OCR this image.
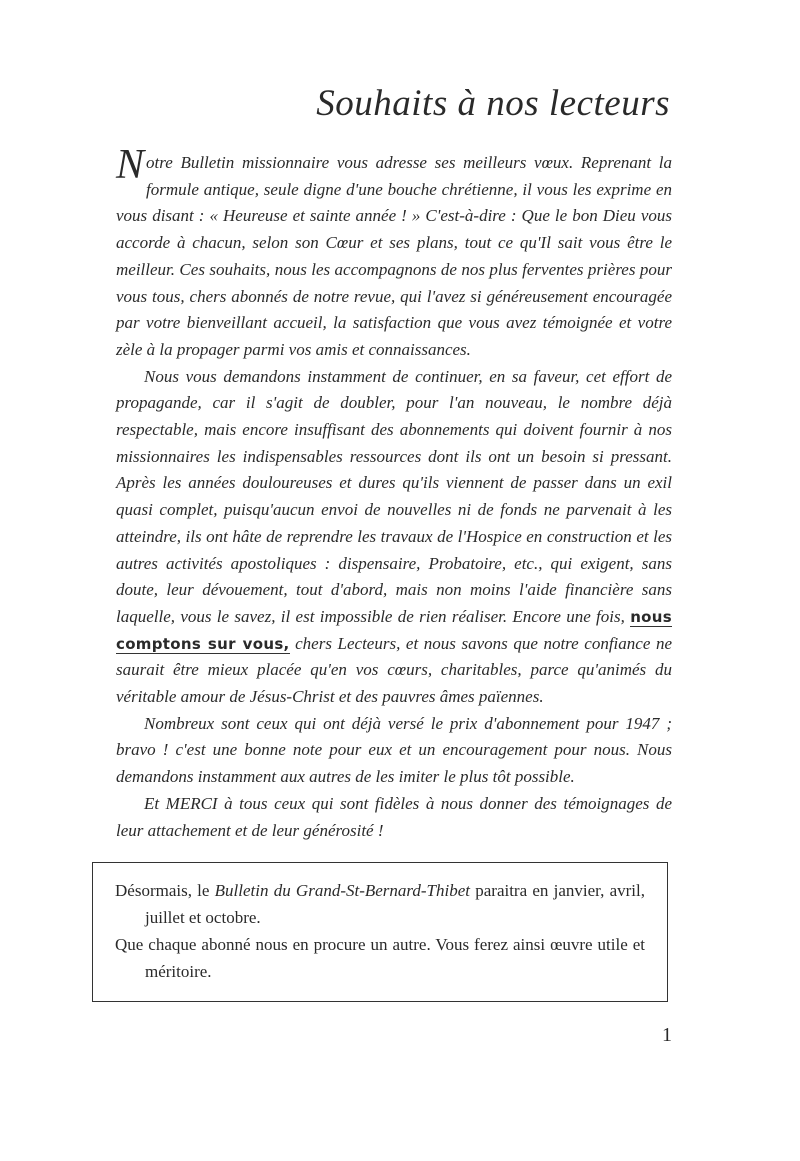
Souhaits à nos lecteurs

Notre Bulletin missionnaire vous adresse ses meilleurs vœux. Reprenant la formule antique, seule digne d'une bouche chrétienne, il vous les exprime en vous disant : « Heureuse et sainte année ! » C'est-à-dire : Que le bon Dieu vous accorde à chacun, selon son Cœur et ses plans, tout ce qu'Il sait vous être le meilleur. Ces souhaits, nous les accompagnons de nos plus ferventes prières pour vous tous, chers abonnés de notre revue, qui l'avez si généreusement encouragée par votre bienveillant accueil, la satisfaction que vous avez témoignée et votre zèle à la propager parmi vos amis et connaissances.

Nous vous demandons instamment de continuer, en sa faveur, cet effort de propagande, car il s'agit de doubler, pour l'an nouveau, le nombre déjà respectable, mais encore insuffisant des abonnements qui doivent fournir à nos missionnaires les indispensables ressources dont ils ont un besoin si pressant. Après les années douloureuses et dures qu'ils viennent de passer dans un exil quasi complet, puisqu'aucun envoi de nouvelles ni de fonds ne parvenait à les atteindre, ils ont hâte de reprendre les travaux de l'Hospice en construction et les autres activités apostoliques : dispensaire, Probatoire, etc., qui exigent, sans doute, leur dévouement, tout d'abord, mais non moins l'aide financière sans laquelle, vous le savez, il est impossible de rien réaliser. Encore une fois, nous comptons sur vous, chers Lecteurs, et nous savons que notre confiance ne saurait être mieux placée qu'en vos cœurs, charitables, parce qu'animés du véritable amour de Jésus-Christ et des pauvres âmes païennes.

Nombreux sont ceux qui ont déjà versé le prix d'abonnement pour 1947 ; bravo ! c'est une bonne note pour eux et un encouragement pour nous. Nous demandons instamment aux autres de les imiter le plus tôt possible.

Et MERCI à tous ceux qui sont fidèles à nous donner des témoignages de leur attachement et de leur générosité !

Désormais, le Bulletin du Grand-St-Bernard-Thibet paraitra en janvier, avril, juillet et octobre.

Que chaque abonné nous en procure un autre. Vous ferez ainsi œuvre utile et méritoire.

1
